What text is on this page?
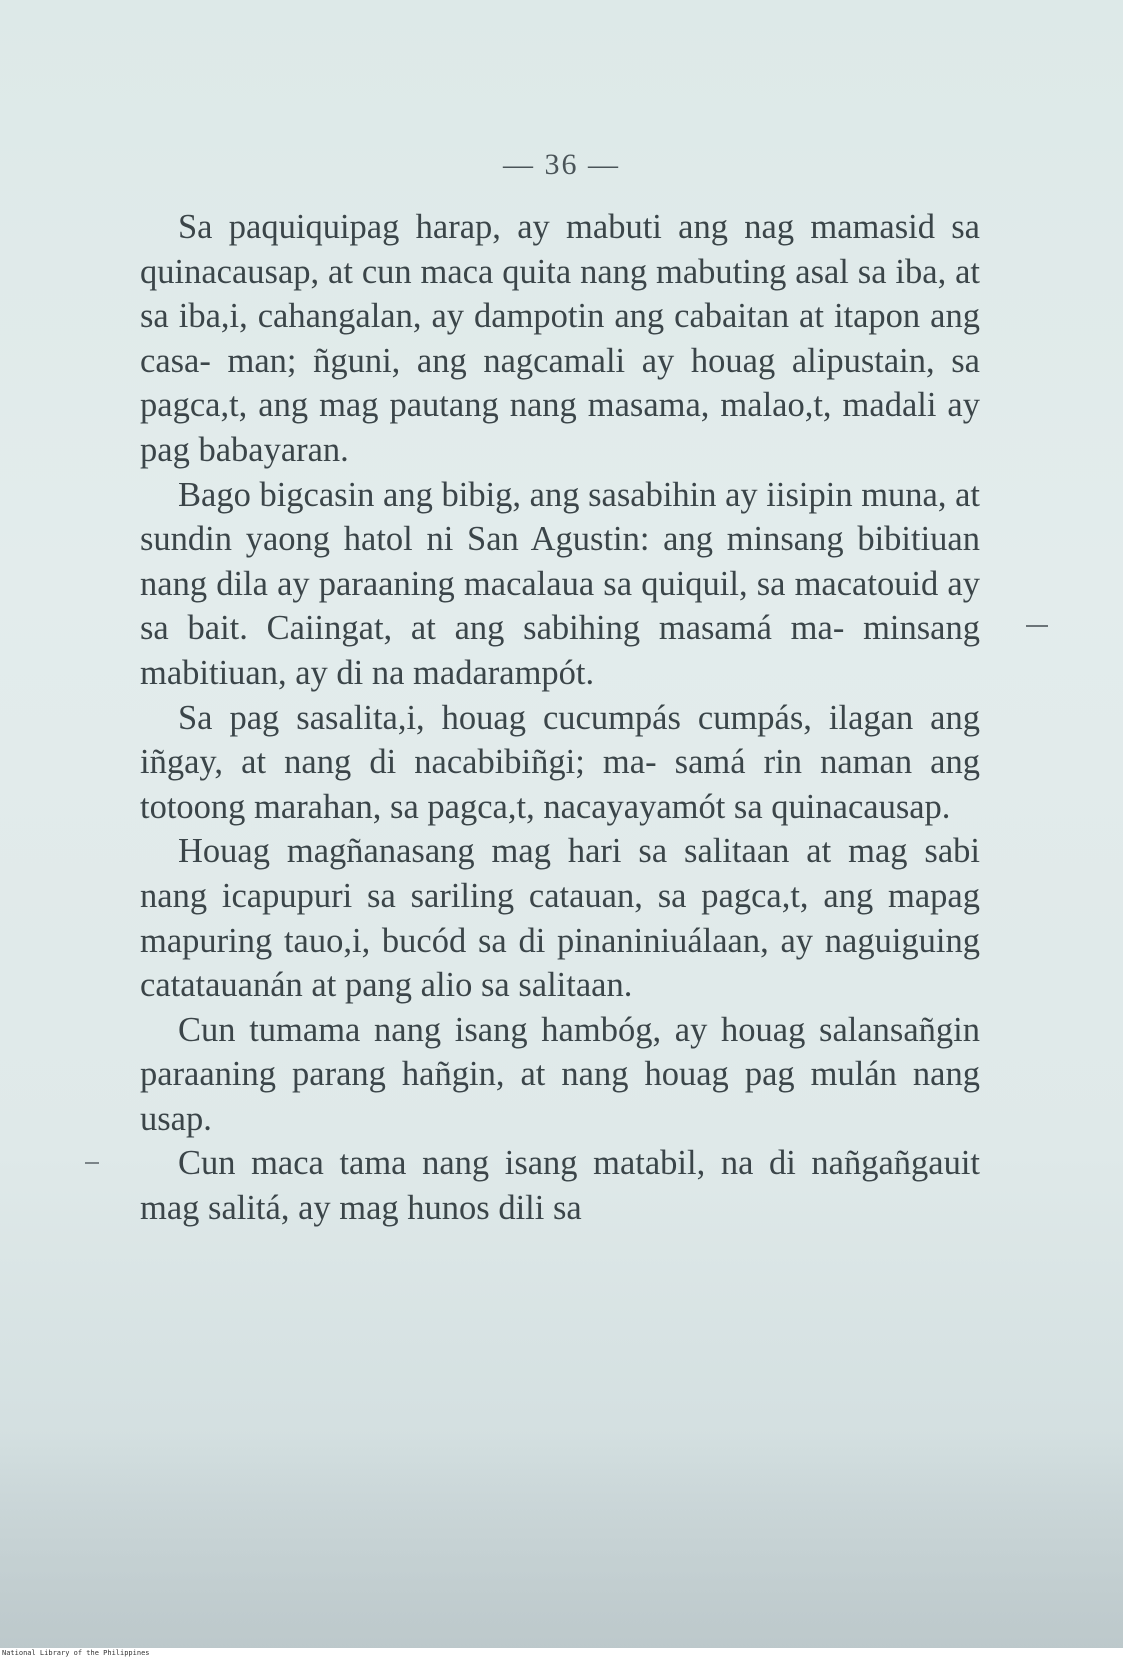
— 36 —

Sa paquiquipag harap, ay mabuti ang nag mamasid sa quinacausap, at cun maca quita nang mabuting asal sa iba, at sa iba,i, cahangalan, ay dampotin ang cabaitan at itapon ang casa- man; ñguni, ang nagcamali ay houag alipustain, sa pagca,t, ang mag pautang nang masama, malao,t, madali ay pag babayaran.

Bago bigcasin ang bibig, ang sasabihin ay iisipin muna, at sundin yaong hatol ni San Agustin: ang minsang bibitiuan nang dila ay paraaning macalaua sa quiquil, sa macatouid ay sa bait. Caiingat, at ang sabihing masamá ma- minsang mabitiuan, ay di na madarampót.

Sa pag sasalita,i, houag cucumpás cumpás, ilagan ang iñgay, at nang di nacabibiñgi; ma- samá rin naman ang totoong marahan, sa pagca,t, nacayayamót sa quinacausap.

Houag magñanasang mag hari sa salitaan at mag sabi nang icapupuri sa sariling catauan, sa pagca,t, ang mapag mapuring tauo,i, bucód sa di pinaniniuálaan, ay naguiguing catatauanán at pang alio sa salitaan.

Cun tumama nang isang hambóg, ay houag salansañgin paraaning parang hañgin, at nang houag pag mulán nang usap.

Cun maca tama nang isang matabil, na di nañgañgauit mag salitá, ay mag hunos dili sa

National Library of the Philippines
